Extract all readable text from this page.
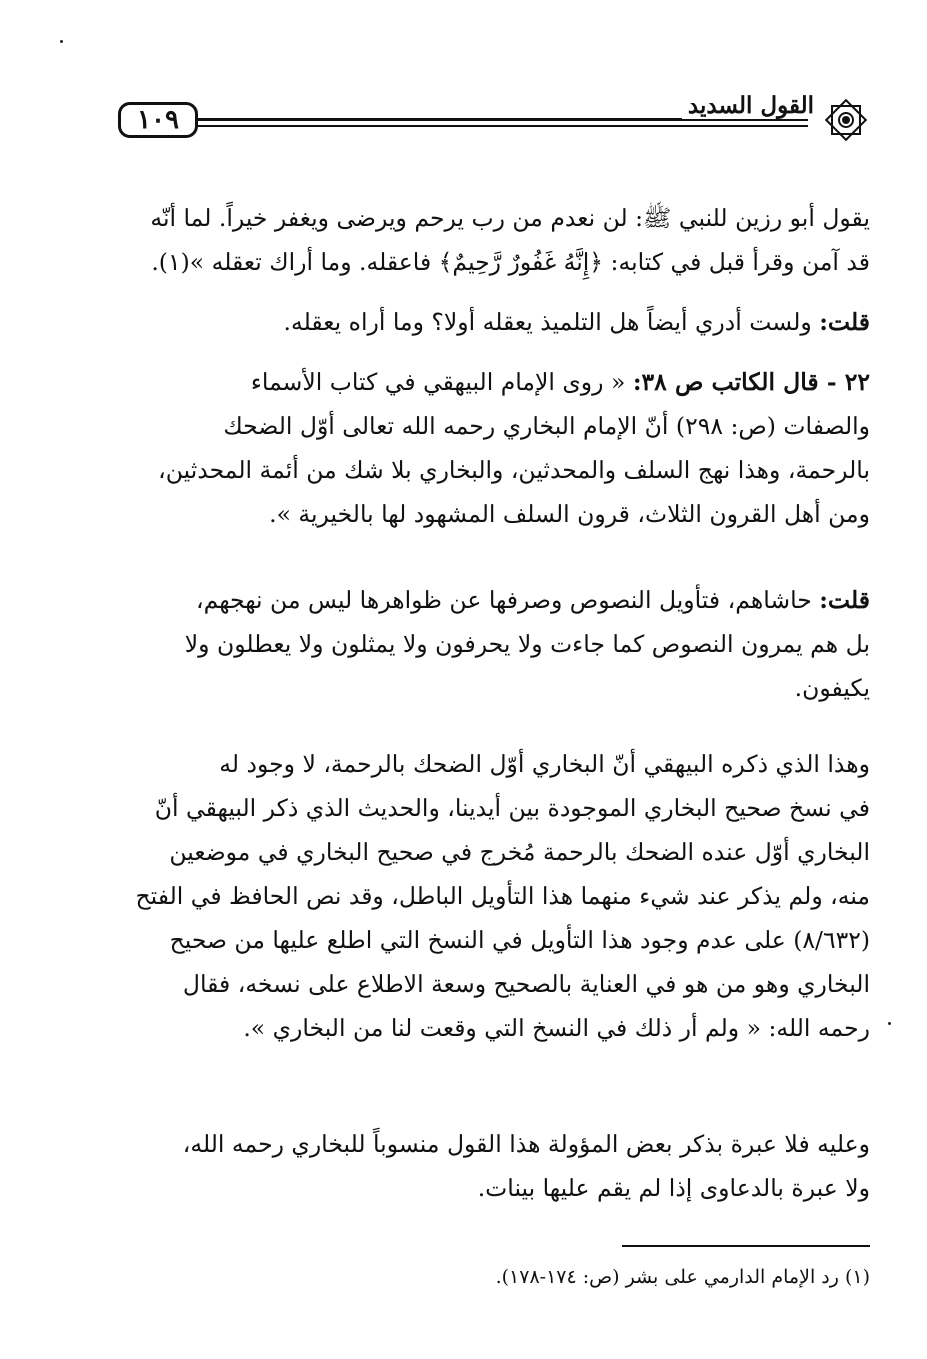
١٠٩	القول السديد
يقول أبو رزين للنبي ﷺ: لن نعدم من رب يرحم ويرضى ويغفر خيراً. لما أنّه
قد آمن وقرأ قبل في كتابه: ﴿إِنَّهُ غَفُورٌ رَّحِيمٌ﴾ فاعقله. وما أراك تعقله »(١).
قلت: ولست أدري أيضاً هل التلميذ يعقله أولا؟ وما أراه يعقله.
٢٢ - قال الكاتب ص ٣٨: « روى الإمام البيهقي في كتاب الأسماء
والصفات (ص: ٢٩٨) أنّ الإمام البخاري رحمه الله تعالى أوّل الضحك
بالرحمة، وهذا نهج السلف والمحدثين، والبخاري بلا شك من أئمة المحدثين،
ومن أهل القرون الثلاث، قرون السلف المشهود لها بالخيرية ».
قلت: حاشاهم، فتأويل النصوص وصرفها عن ظواهرها ليس من نهجهم،
بل هم يمرون النصوص كما جاءت ولا يحرفون ولا يمثلون ولا يعطلون ولا
يكيفون.
وهذا الذي ذكره البيهقي أنّ البخاري أوّل الضحك بالرحمة، لا وجود له
في نسخ صحيح البخاري الموجودة بين أيدينا، والحديث الذي ذكر البيهقي أنّ
البخاري أوّل عنده الضحك بالرحمة مُخرج في صحيح البخاري في موضعين
منه، ولم يذكر عند شيء منهما هذا التأويل الباطل، وقد نص الحافظ في الفتح
(٨/٦٣٢) على عدم وجود هذا التأويل في النسخ التي اطلع عليها من صحيح
البخاري وهو من هو في العناية بالصحيح وسعة الاطلاع على نسخه، فقال
رحمه الله: « ولم أر ذلك في النسخ التي وقعت لنا من البخاري ».
وعليه فلا عبرة بذكر بعض المؤولة هذا القول منسوباً للبخاري رحمه الله،
ولا عبرة بالدعاوى إذا لم يقم عليها بينات.

(١) رد الإمام الدارمي على بشر (ص: ١٧٤-١٧٨).
